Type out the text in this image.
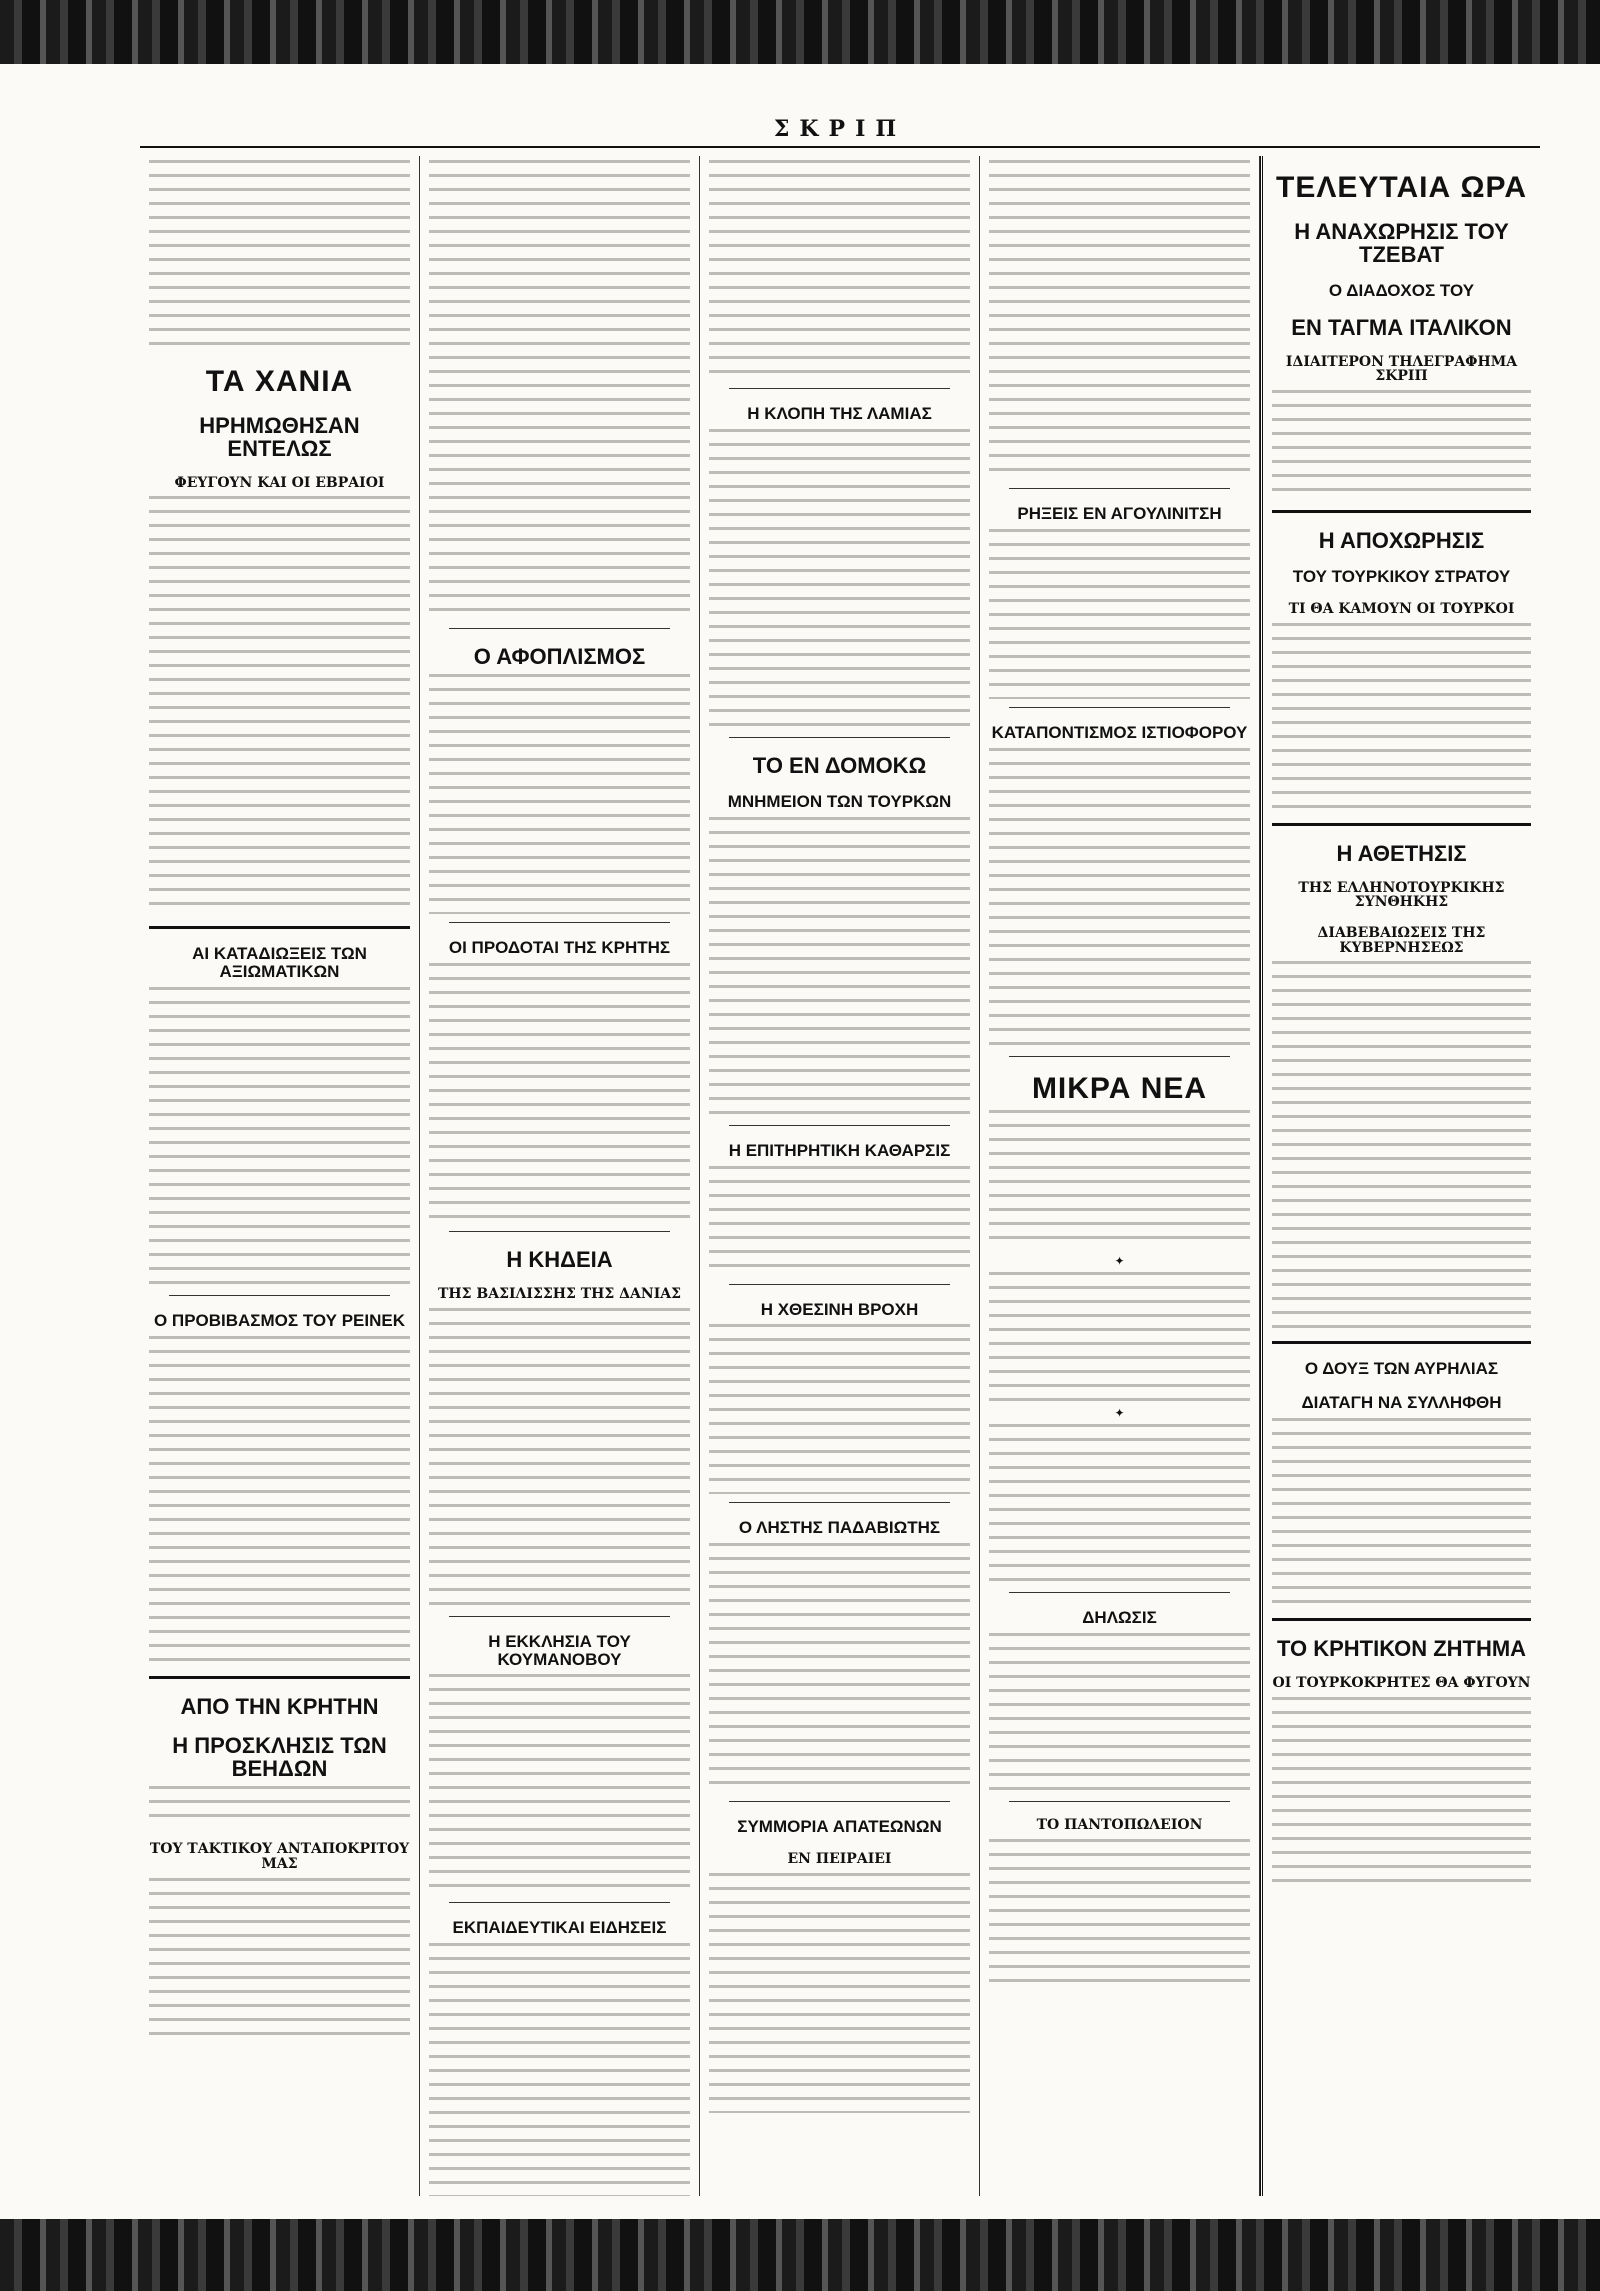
ΣΚΡΙΠ
ΤΑ ΧΑΝΙΑ
ΗΡΗΜΩΘΗΣΑΝ ΕΝΤΕΛΩΣ
ΦΕΥΓΟΥΝ ΚΑΙ ΟΙ ΕΒΡΑΙΟΙ
ΑΙ ΚΑΤΑΔΙΩΞΕΙΣ ΤΩΝ ΑΞΙΩΜΑΤΙΚΩΝ
Ο ΠΡΟΒΙΒΑΣΜΟΣ ΤΟΥ ΡΕΙΝΕΚ
ΑΠΟ ΤΗΝ ΚΡΗΤΗΝ
Η ΠΡΟΣΚΛΗΣΙΣ ΤΩΝ ΒΕΗΔΩΝ
ΤΟΥ ΤΑΚΤΙΚΟΥ ΑΝΤΑΠΟΚΡΙΤΟΥ ΜΑΣ
Ο ΑΦΟΠΛΙΣΜΟΣ
ΟΙ ΠΡΟΔΟΤΑΙ ΤΗΣ ΚΡΗΤΗΣ
Η ΚΗΔΕΙΑ
ΤΗΣ ΒΑΣΙΛΙΣΣΗΣ ΤΗΣ ΔΑΝΙΑΣ
Η ΕΚΚΛΗΣΙΑ ΤΟΥ ΚΟΥΜΑΝΟΒΟΥ
ΕΚΠΑΙΔΕΥΤΙΚΑΙ ΕΙΔΗΣΕΙΣ
Η ΚΛΟΠΗ ΤΗΣ ΛΑΜΙΑΣ
ΤΟ ΕΝ ΔΟΜΟΚΩ
ΜΝΗΜΕΙΟΝ ΤΩΝ ΤΟΥΡΚΩΝ
Η ΕΠΙΤΗΡΗΤΙΚΗ ΚΑΘΑΡΣΙΣ
Η ΧΘΕΣΙΝΗ ΒΡΟΧΗ
Ο ΛΗΣΤΗΣ ΠΑΔΑΒΙΩΤΗΣ
ΣΥΜΜΟΡΙΑ ΑΠΑΤΕΩΝΩΝ
ΕΝ ΠΕΙΡΑΙΕΙ
ΡΗΞΕΙΣ ΕΝ ΑΓΟΥΛΙΝΙΤΣΗ
ΚΑΤΑΠΟΝΤΙΣΜΟΣ ΙΣΤΙΟΦΟΡΟΥ
ΜΙΚΡΑ ΝΕΑ
✦
✦
ΔΗΛΩΣΙΣ
ΤΟ ΠΑΝΤΟΠΩΛΕΙΟΝ
ΤΕΛΕΥΤΑΙΑ ΩΡΑ
Η ΑΝΑΧΩΡΗΣΙΣ ΤΟΥ ΤΖΕΒΑΤ
Ο ΔΙΑΔΟΧΟΣ ΤΟΥ
ΕΝ ΤΑΓΜΑ ΙΤΑΛΙΚΟΝ
ΙΔΙΑΙΤΕΡΟΝ ΤΗΛΕΓΡΑΦΗΜΑ ΣΚΡΙΠ
Η ΑΠΟΧΩΡΗΣΙΣ
ΤΟΥ ΤΟΥΡΚΙΚΟΥ ΣΤΡΑΤΟΥ
ΤΙ ΘΑ ΚΑΜΟΥΝ ΟΙ ΤΟΥΡΚΟΙ
Η ΑΘΕΤΗΣΙΣ
ΤΗΣ ΕΛΛΗΝΟΤΟΥΡΚΙΚΗΣ ΣΥΝΘΗΚΗΣ
ΔΙΑΒΕΒΑΙΩΣΕΙΣ ΤΗΣ ΚΥΒΕΡΝΗΣΕΩΣ
Ο ΔΟΥΞ ΤΩΝ ΑΥΡΗΛΙΑΣ
ΔΙΑΤΑΓΗ ΝΑ ΣΥΛΛΗΦΘΗ
ΤΟ ΚΡΗΤΙΚΟΝ ΖΗΤΗΜΑ
ΟΙ ΤΟΥΡΚΟΚΡΗΤΕΣ ΘΑ ΦΥΓΟΥΝ
